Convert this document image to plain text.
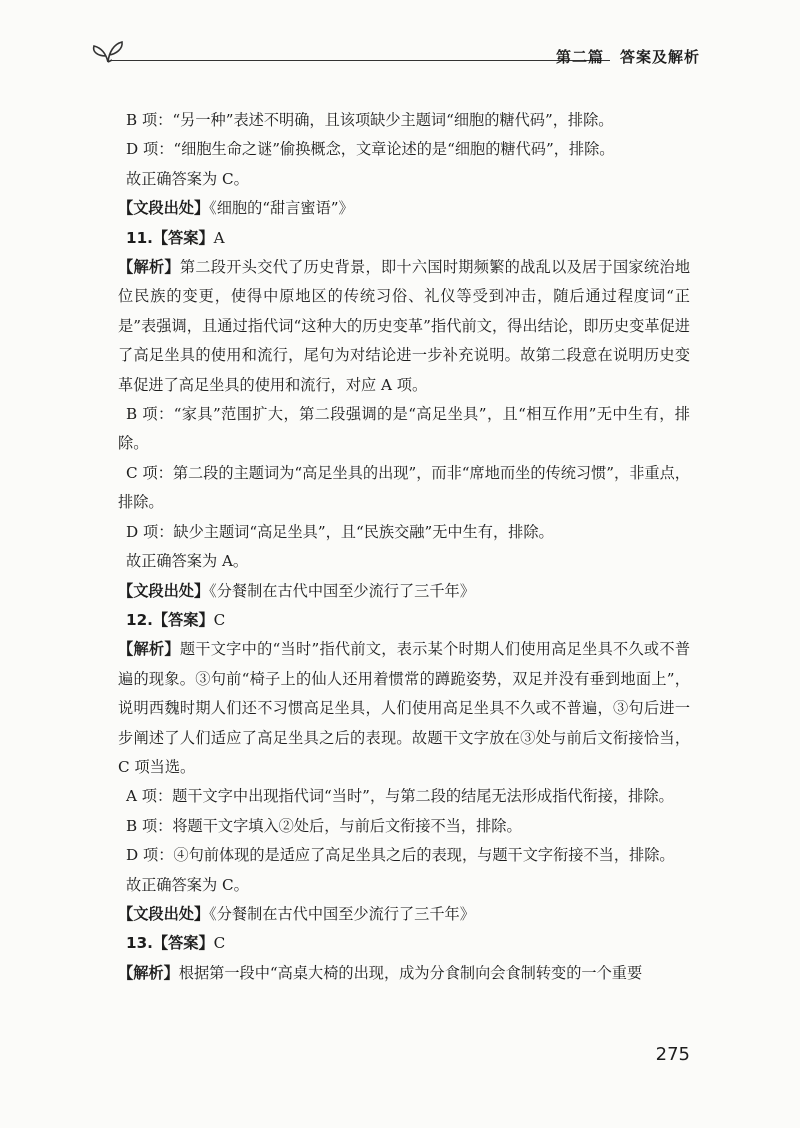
第二篇　答案及解析

B 项：“另一种”表述不明确，且该项缺少主题词“细胞的糖代码”，排除。

D 项：“细胞生命之谜”偷换概念，文章论述的是“细胞的糖代码”，排除。

故正确答案为 C。

【文段出处】《细胞的“甜言蜜语”》

11.【答案】A

【解析】第二段开头交代了历史背景，即十六国时期频繁的战乱以及居于国家统治地位民族的变更，使得中原地区的传统习俗、礼仪等受到冲击，随后通过程度词“正是”表强调，且通过指代词“这种大的历史变革”指代前文，得出结论，即历史变革促进了高足坐具的使用和流行，尾句为对结论进一步补充说明。故第二段意在说明历史变革促进了高足坐具的使用和流行，对应 A 项。

B 项：“家具”范围扩大，第二段强调的是“高足坐具”，且“相互作用”无中生有，排除。

C 项：第二段的主题词为“高足坐具的出现”，而非“席地而坐的传统习惯”，非重点，排除。

D 项：缺少主题词“高足坐具”，且“民族交融”无中生有，排除。

故正确答案为 A。

【文段出处】《分餐制在古代中国至少流行了三千年》

12.【答案】C

【解析】题干文字中的“当时”指代前文，表示某个时期人们使用高足坐具不久或不普遍的现象。③句前“椅子上的仙人还用着惯常的蹲跪姿势，双足并没有垂到地面上”，说明西魏时期人们还不习惯高足坐具，人们使用高足坐具不久或不普遍，③句后进一步阐述了人们适应了高足坐具之后的表现。故题干文字放在③处与前后文衔接恰当，C 项当选。

A 项：题干文字中出现指代词“当时”，与第二段的结尾无法形成指代衔接，排除。

B 项：将题干文字填入②处后，与前后文衔接不当，排除。

D 项：④句前体现的是适应了高足坐具之后的表现，与题干文字衔接不当，排除。

故正确答案为 C。

【文段出处】《分餐制在古代中国至少流行了三千年》

13.【答案】C

【解析】根据第一段中“高桌大椅的出现，成为分食制向会食制转变的一个重要

275
